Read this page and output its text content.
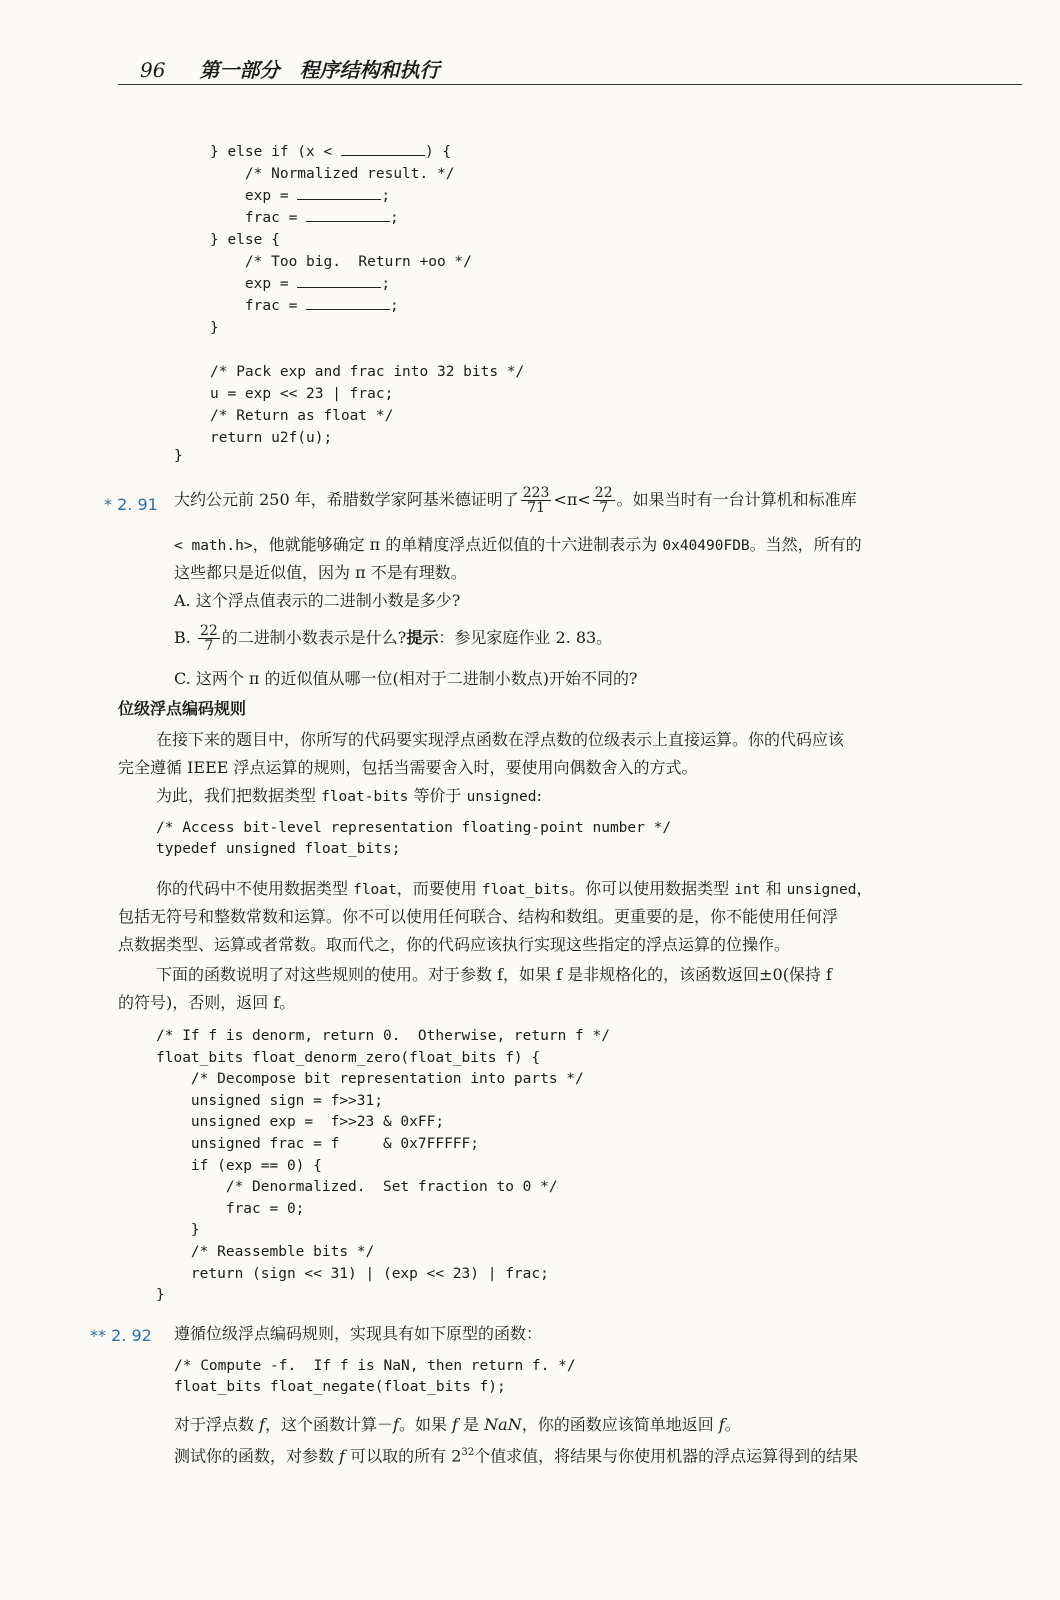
96 第一部分　程序结构和执行
} else if (x <	) {
/* Normalized result. */
exp =	;
frac =	;
} else {
/* Too big.  Return +oo */
exp =	;
frac =	;
}

/* Pack exp and frac into 32 bits */
u = exp << 23 | frac;
/* Return as float */
return u2f(u);
}
* 2. 91 大约公元前 250 年，希腊数学家阿基米德证明了 $\frac{223}{71} <\pi< \frac{22}{7}$ 。如果当时有一台计算机和标准库
< math.h>，他就能够确定 π 的单精度浮点近似值的十六进制表示为 0x40490FDB。当然，所有的
这些都只是近似值，因为 π 不是有理数。
A. 这个浮点值表示的二进制小数是多少?
B. $\frac{22}{7}$ 的二进制小数表示是什么?提示：参见家庭作业 2. 83。
C. 这两个 π 的近似值从哪一位(相对于二进制小数点)开始不同的?
位级浮点编码规则
在接下来的题目中，你所写的代码要实现浮点函数在浮点数的位级表示上直接运算。你的代码应该
完全遵循 IEEE 浮点运算的规则，包括当需要舍入时，要使用向偶数舍入的方式。
为此，我们把数据类型 float-bits 等价于 unsigned:
/* Access bit-level representation floating-point number */
typedef unsigned float_bits;
你的代码中不使用数据类型 float，而要使用 float_bits。你可以使用数据类型 int 和 unsigned，
包括无符号和整数常数和运算。你不可以使用任何联合、结构和数组。更重要的是，你不能使用任何浮
点数据类型、运算或者常数。取而代之，你的代码应该执行实现这些指定的浮点运算的位操作。
下面的函数说明了对这些规则的使用。对于参数 f，如果 f 是非规格化的，该函数返回±0(保持 f
的符号)，否则，返回 f。
/* If f is denorm, return 0.  Otherwise, return f */
float_bits float_denorm_zero(float_bits f) {
/* Decompose bit representation into parts */
unsigned sign = f>>31;
unsigned exp =  f>>23 & 0xFF;
unsigned frac = f     & 0x7FFFFF;
if (exp == 0) {
/* Denormalized.  Set fraction to 0 */
frac = 0;
}
/* Reassemble bits */
return (sign << 31) | (exp << 23) | frac;
}
** 2. 92 遵循位级浮点编码规则，实现具有如下原型的函数：
/* Compute -f.  If f is NaN, then return f. */
float_bits float_negate(float_bits f);
对于浮点数 f，这个函数计算－f。如果 f 是 NaN，你的函数应该简单地返回 f。
测试你的函数，对参数 f 可以取的所有 $2^{32}$个值求值，将结果与你使用机器的浮点运算得到的结果
